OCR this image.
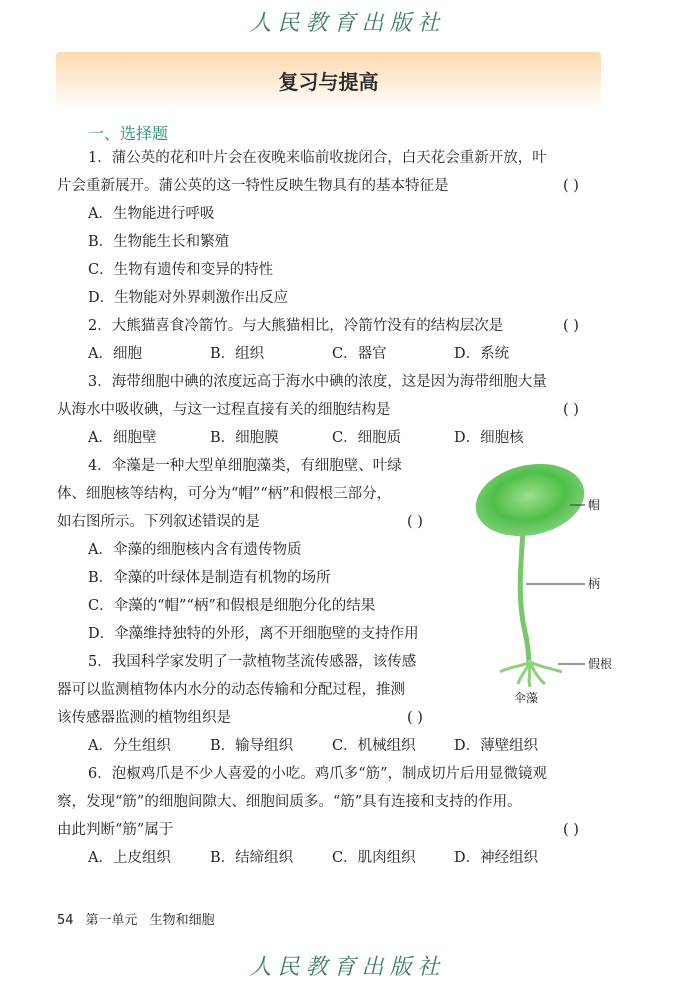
人民教育出版社
复习与提高
一、选择题
1．蒲公英的花和叶片会在夜晚来临前收拢闭合，白天花会重新开放，叶
片会重新展开。蒲公英的这一特性反映生物具有的基本特征是	( )
A．生物能进行呼吸
B．生物能生长和繁殖
C．生物有遗传和变异的特性
D．生物能对外界刺激作出反应
2．大熊猫喜食冷箭竹。与大熊猫相比，冷箭竹没有的结构层次是	( )
A．细胞	B．组织	C．器官	D．系统
3．海带细胞中碘的浓度远高于海水中碘的浓度，这是因为海带细胞大量
从海水中吸收碘，与这一过程直接有关的细胞结构是	( )
A．细胞壁	B．细胞膜	C．细胞质	D．细胞核
4．伞藻是一种大型单细胞藻类，有细胞壁、叶绿
体、细胞核等结构，可分为“帽”“柄”和假根三部分，
如右图所示。下列叙述错误的是	( )
A．伞藻的细胞核内含有遗传物质
B．伞藻的叶绿体是制造有机物的场所
C．伞藻的“帽”“柄”和假根是细胞分化的结果
D．伞藻维持独特的外形，离不开细胞壁的支持作用
帽
柄
假根
伞藻
5．我国科学家发明了一款植物茎流传感器，该传感
器可以监测植物体内水分的动态传输和分配过程，推测
该传感器监测的植物组织是	( )
A．分生组织	B．输导组织	C．机械组织	D．薄壁组织
6．泡椒鸡爪是不少人喜爱的小吃。鸡爪多“筋”，制成切片后用显微镜观
察，发现“筋”的细胞间隙大、细胞间质多。“筋”具有连接和支持的作用。
由此判断“筋”属于	( )
A．上皮组织	B．结缔组织	C．肌肉组织	D．神经组织
54 第一单元 生物和细胞
人民教育出版社
